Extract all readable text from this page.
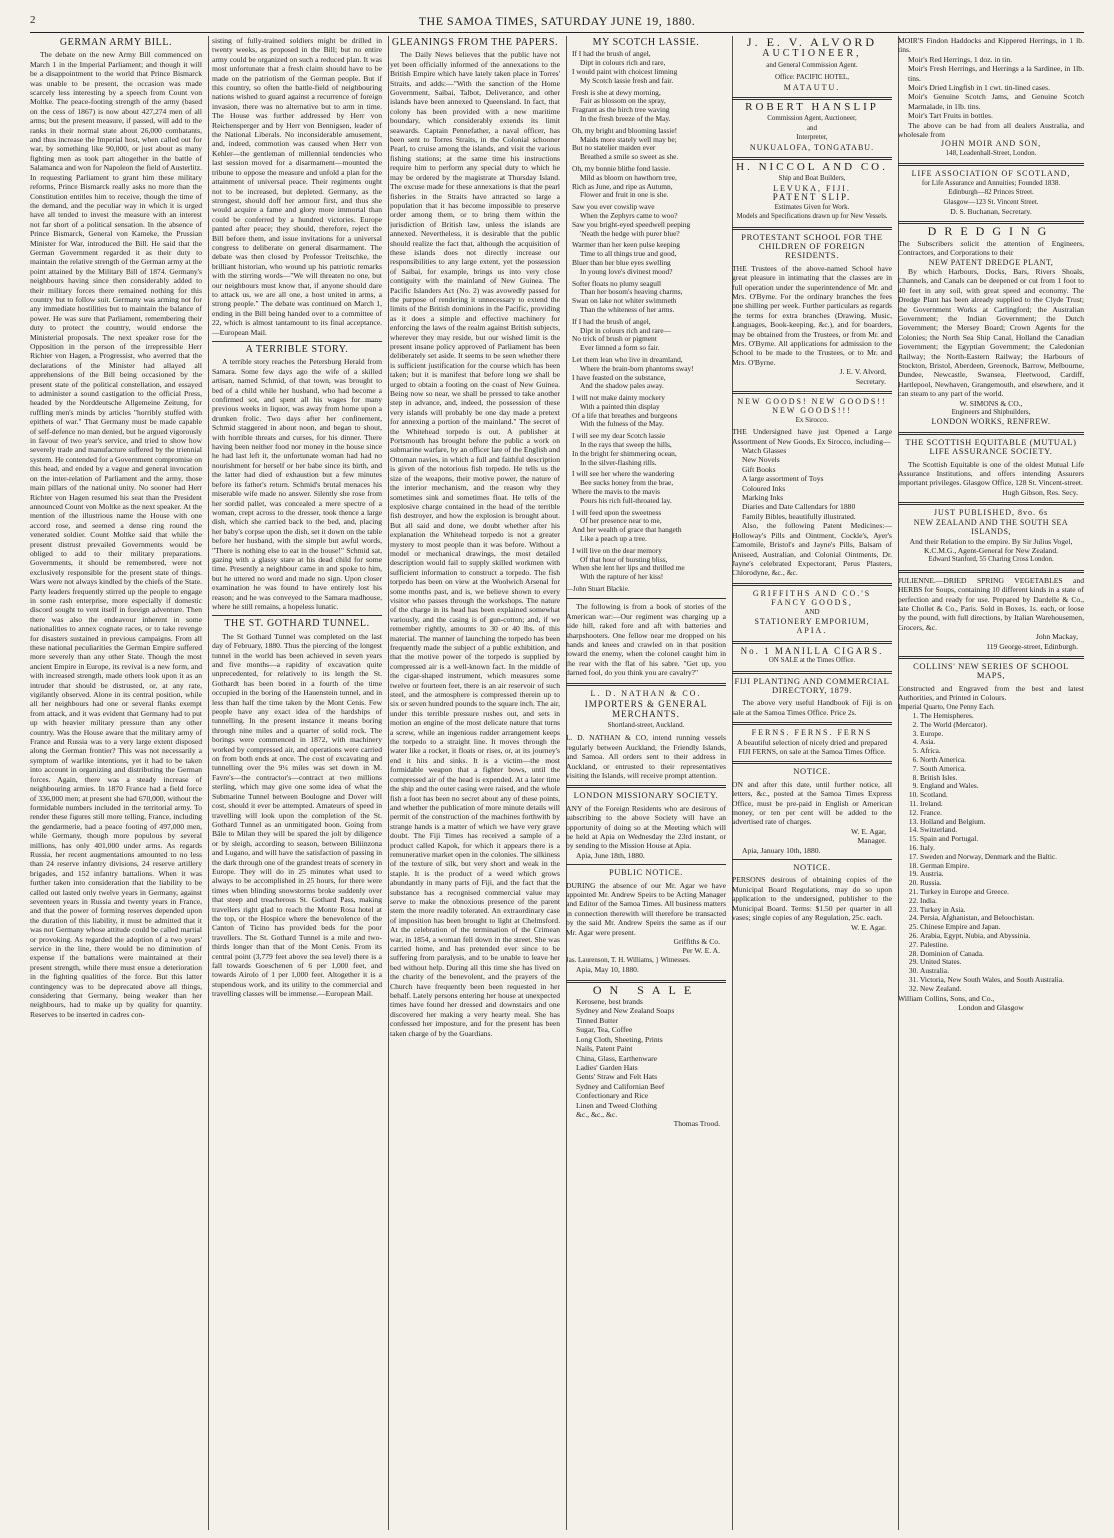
2	THE SAMOA TIMES, SATURDAY JUNE 19, 1880.
GERMAN ARMY BILL.

The debate on the new Army Bill commenced on March 1 in the Imperial Parliament; and though it will be a disappointment to the world that Prince Bismarck was unable to be present, the occasion was made scarcely less interesting by a speech from Count von Moltke. The peace-footing strength of the army (based on the cess of 1867) is now about 427,274 men of all arms; but the present measure, if passed, will add to the ranks in their normal state about 26,000 combatants, and thus increase the Imperial host, when called out for war, by something like 90,000, or just about as many fighting men as took part altogether in the battle of Salamanca and won for Napoleon the field of Austerlitz. In requesting Parliament to grant him these military reforms, Prince Bismarck really asks no more than the Constitution entitles him to receive, though the time of the demand, and the peculiar way in which it is urged have all tended to invest the measure with an interest not far short of a political sensation. In the absence of Prince Bismarck, General von Kameke, the Prussian Minister for War, introduced the Bill. He said that the German Government regarded it as their duty to maintain the relative strength of the German army at the point attained by the Military Bill of 1874. Germany's neighbours having since then considerably added to their military forces there remained nothing for this country but to follow suit. Germany was arming not for any immediate hostilities but to maintain the balance of power. He was sure that Parliament, remembering their duty to protect the country, would endorse the Ministerial proposals. The next speaker rose for the Opposition in the person of the irrepressible Herr Richter von Hagen, a Progressist, who averred that the declarations of the Minister had allayed all apprehensions of the Bill being occasioned by the present state of the political constellation, and essayed to administer a sound castigation to the official Press, headed by the Norddeutsche Allgemeine Zeitung, for ruffling men's minds by articles "horribly stuffed with epithets of war." That Germany must be made capable of self-defence no man denied, but he argued vigorously in favour of two year's service, and tried to show how severely trade and manufacture suffered by the triennial system. He contended for a Government compromise on this head, and ended by a vague and general invocation on the inter-relation of Parliament and the army, those main pillars of the national unity. No sooner had Herr Richter von Hagen resumed his seat than the President announced Count von Moltke as the next speaker. At the mention of the illustrious name the House with one accord rose, and seemed a dense ring round the venerated soldier. Count Moltke said that while the present distrust prevailed Governments would be obliged to add to their military preparations. Governments, it should be remembered, were not exclusively responsible for the present state of things. Wars were not always kindled by the chiefs of the State. Party leaders frequently stirred up the people to engage in some rash enterprise, more especially if domestic discord sought to vent itself in foreign adventure. Then there was also the endeavour inherent in some nationalities to annex cognate races, or to take revenge for disasters sustained in previous campaigns. From all these national peculiarities the German Empire suffered more severely than any other State. Though the most ancient Empire in Europe, its revival is a new form, and with increased strength, made others look upon it as an intruder that should be distrusted, or, at any rate, vigilantly observed. Alone in its central position, while all her neighbours had one or several flanks exempt from attack, and it was evident that Germany had to put up with heavier military pressure than any other country. Was the House aware that the military army of France and Russia was to a very large extent disposed along the German frontier? This was not necessarily a symptom of warlike intentions, yet it had to be taken into account in organizing and distributing the German forces. Again, there was a steady increase of neighbouring armies. In 1870 France had a field force of 336,000 men; at present she had 670,000, without the formidable numbers included in the territorial army. To render these figures still more telling, France, including the gendarmerie, had a peace footing of 497,000 men, while Germany, though more populous by several millions, has only 401,000 under arms. As regards Russia, her recent augmentations amounted to no less than 24 reserve infantry divisions, 24 reserve artillery brigades, and 152 infantry battalions. When it was further taken into consideration that the liability to be called out lasted only twelve years in Germany, against seventeen years in Russia and twenty years in France, and that the power of forming reserves depended upon the duration of this liability, it must be admitted that it was not Germany whose attitude could be called martial or provoking. As regarded the adoption of a two years' service in the line, there would be no diminution of expense if the battalions were maintained at their present strength, while there must ensue a deterioration in the fighting qualities of the force. But this latter contingency was to be deprecated above all things, considering that Germany, being weaker than her neighbours, had to make up by quality for quantity. Reserves to be inserted in cadres con-

sisting of fully-trained soldiers might be drilled in twenty weeks, as proposed in the Bill; but no entire army could be organized on such a reduced plan. It was most unfortunate that a fresh claim should have to be made on the patriotism of the German people. But if this country, so often the battle-field of neighbouring nations wished to guard against a recurrence of foreign invasion, there was no alternative but to arm in time. The House was further addressed by Herr von Reichensperger and by Herr von Bennigsen, leader of the National Liberals. No inconsiderable amusement, and, indeed, commotion was caused when Herr von Kehler—the gentleman of millennial tendencies who last session moved for a disarmament—mounted the tribune to oppose the measure and unfold a plan for the attainment of universal peace. Their regiments ought not to be increased, but depleted. Germany, as the strongest, should doff her armour first, and thus she would acquire a fame and glory more immortal than could be conferred by a hundred victories. Europe panted after peace; they should, therefore, reject the Bill before them, and issue invitations for a universal congress to deliberate on general disarmament. The debate was then closed by Professor Treitschke, the brilliant historian, who wound up his patriotic remarks with the stirring words—"We will threaten no one, but our neighbours must know that, if anyone should dare to attack us, we are all one, a host united in arms, a strong people." The debate was continued on March 1, ending in the Bill being handed over to a committee of 22, which is almost tantamount to its final acceptance.—European Mail.

A TERRIBLE STORY.

A terrible story reaches the Petersburg Herald from Samara. Some few days ago the wife of a skilled artisan, named Schmid, of that town, was brought to bed of a child while her husband, who had become a confirmed sot, and spent all his wages for many previous weeks in liquor, was away from home upon a drunken frolic. Two days after her confinement, Schmid staggered in about noon, and began to shout, with horrible threats and curses, for his dinner. There having been neither food nor money in the house since he had last left it, the unfortunate woman had had no nourishment for herself or her babe since its birth, and the latter had died of exhaustion but a few minutes before its father's return. Schmid's brutal menaces his miserable wife made no answer. Silently she rose from her sordid pallet, was concealed a mere spectre of a woman, crept across to the dresser, took thence a large dish, which she carried back to the bed, and, placing her baby's corpse upon the dish, set it down on the table before her husband, with the simple but awful words, "There is nothing else to eat in the house!" Schmid sat, gazing with a glassy stare at his dead child for some time. Presently a neighbour came in and spoke to him, but he uttered no word and made no sign. Upon closer examination he was found to have entirely lost his reason; and he was conveyed to the Samara madhouse, where he still remains, a hopeless lunatic.

THE ST. GOTHARD TUNNEL.

The St Gothard Tunnel was completed on the last day of February, 1880. Thus the piercing of the longest tunnel in the world has been achieved in seven years and five months—a rapidity of excavation quite unprecedented, for relatively to its length the St. Gothardt has been bored in a fourth of the time occupied in the boring of the Hauenstein tunnel, and in less than half the time taken by the Mont Cenis. Few people have any exact idea of the hardships of tunnelling. In the present instance it means boring through nine miles and a quarter of solid rock. The borings were commenced in 1872, with machinery worked by compressed air, and operations were carried on from both ends at once. The cost of excavating and tunnelling over the 9¼ miles was set down in M. Favre's—the contractor's—contract at two millions sterling, which may give one some idea of what the Submarine Tunnel between Boulogne and Dover will cost, should it ever be attempted. Amateurs of speed in travelling will look upon the completion of the St. Gothard Tunnel as an unmitigated boon. Going from Bâle to Milan they will be spared the jolt by diligence or by sleigh, according to season, between Biliinzona and Lugano, and will have the satisfaction of passing in the dark through one of the grandest treats of scenery in Europe. They will do in 25 minutes what used to always to be accomplished in 25 hours, for there were times when blinding snowstorms broke suddenly over that steep and treacherous St. Gothard Pass, making travellers right glad to reach the Monte Rosa hotel at the top, or the Hospice where the benevolence of the Canton of Ticino has provided beds for the poor travellers. The St. Gothard Tunnel is a mile and two-thirds longer than that of the Mont Cenis. From its central point (3,779 feet above the sea level) there is a fall towards Goeschenen of 6 per 1,000 feet, and towards Airolo of 1 per 1,000 feet. Altogether it is a stupendous work, and its utility to the commercial and travelling classes will be immense.—European Mail.

GLEANINGS FROM THE PAPERS.

The Daily News believes that the public have not yet been officially informed of the annexations to the British Empire which have lately taken place in Torres' Straits, and adds:—"With the sanction of the Home Government, Saibai, Talbot, Deliverance, and other islands have been annexed to Queensland. In fact, that colony has been provided with a new maritime boundary, which considerably extends its limit seawards. Captain Pennefather, a naval officer, has been sent to Torres Straits, in the Colonial schooner Pearl, to cruise among the islands, and visit the various fishing stations; at the same time his instructions require him to perform any special duty to which he may be ordered by the magistrate at Thursday Island. The excuse made for these annexations is that the pearl fisheries in the Straits have attracted so large a population that it has become impossible to preserve order among them, or to bring them within the jurisdiction of British law, unless the islands are annexed. Nevertheless, it is desirable that the public should realize the fact that, although the acquisition of these islands does not directly increase our responsibilities to any large extent, yet the possession of Saibai, for example, brings us into very close contiguity with the mainland of New Guinea. The Pacific Islanders Act (No. 2) was avowedly passed for the purpose of rendering it unnecessary to extend the limits of the British dominions in the Pacific, providing as it does a simple and effective machinery for enforcing the laws of the realm against British subjects, wherever they may reside, but our wished limit is the present insane policy approved of Parliament has been deliberately set aside. It seems to be seen whether there is sufficient justification for the course which has been taken; but it is manifest that before long we shall be urged to obtain a footing on the coast of New Guinea. Being now so near, we shall be pressed to take another step in advance, and, indeed, the possession of these very islands will probably be one day made a pretext for annexing a portion of the mainland." The secret of the Whitehead torpedo is out. A publisher at Portsmouth has brought before the public a work on submarine warfare, by an officer late of the English and Ottoman navies, in which a full and faithful description is given of the notorious fish torpedo. He tells us the size of the weapons, their motive power, the nature of the interior mechanism, and the reason why they sometimes sink and sometimes float. He tells of the explosive charge contained in the head of the terrible fish destroyer, and how the explosion is brought about. But all said and done, we doubt whether after his explanation the Whitehead torpedo is not a greater mystery to most people than it was before. Without a model or mechanical drawings, the most detailed description would fail to supply skilled workmen with sufficient information to construct a torpedo. The fish torpedo has been on view at the Woolwich Arsenal for some months past, and is, we believe shown to every visitor who passes through the workshops. The nature of the charge in its head has been explained somewhat variously, and the casing is of gun-cotton; and, if we remember rightly, amounts to 30 or 40 lbs. of this material. The manner of launching the torpedo has been frequently made the subject of a public exhibition, and that the motive power of the torpedo is supplied by compressed air is a well-known fact. In the middle of the cigar-shaped instrument, which measures some twelve or fourteen feet, there is an air reservoir of such steel, and the atmosphere is compressed therein up to six or seven hundred pounds to the square inch. The air, under this terrible pressure rushes out, and sets in motion an engine of the most delicate nature that turns a screw, while an ingenious rudder arrangement keeps the torpedo to a straight line. It moves through the water like a rocket, it floats or rises, or, at its journey's end it hits and sinks. It is a victim—the most formidable weapon that a fighter bows, until the compressed air of the head is expended. At a later time the ship and the outer casing were raised, and the whole fish a foot has been no secret about any of these points, and whether the publication of more minute details will permit of the construction of the machines forthwith by strange hands is a matter of which we have very grave doubt. The Fiji Times has received a sample of a product called Kapok, for which it appears there is a remunerative market open in the colonies. The silkiness of the texture of silk, but very short and weak in the staple. It is the product of a weed which grows abundantly in many parts of Fiji, and the fact that the substance has a recognised commercial value may serve to make the obnoxious presence of the parent stem the more readily tolerated. An extraordinary case of imposition has been brought to light at Chelmsford. At the celebration of the termination of the Crimean war, in 1854, a woman fell down in the street. She was carried home, and has pretended ever since to be suffering from paralysis, and to be unable to leave her bed without help. During all this time she has lived on the charity of the benevolent, and the prayers of the Church have frequently been been requested in her behalf. Lately persons entering her house at unexpected times have found her dressed and downstairs and one discovered her making a very hearty meal. She has confessed her imposture, and for the present has been taken charge of by the Guardians.

MY SCOTCH LASSIE.
If I had the brush of angel,
Dipt in colours rich and rare,
I would paint with choicest limning
My Scotch lassie fresh and fair.
Fresh is she at dewy morning,
Fair as blossom on the spray,
Fragrant as the birch tree waving
In the fresh breeze of the May.
Oh, my bright and blooming lassie!
Maids more stately well may be;
But no statelier maiden ever
Breathed a smile so sweet as she.
Oh, my bonnie blithe fond lassie.
Mild as bloom on hawthorn tree,
Rich as June, and ripe as Autumn,
Flower and fruit in one is she.
Saw you ever cowslip wave
When the Zephyrs came to woo?
Saw you bright-eyed speedwell peeping
'Neath the hedge with purer blue?
Warmer than her keen pulse keeping
Time to all things true and good,
Bluer than her blue eyes swelling
In young love's divinest mood?
Softer floats no plumy seagull
Than her bosom's heaving charms,
Swan on lake not whiter swimmeth
Than the whiteness of her arms.
If I had the brush of angel,
Dipt in colours rich and rare—
No trick of brush or pigment
Ever limned a form so fair.
Let them lean who live in dreamland,
Where the brain-born phantoms sway!
I have feasted on the substance,
And the shadow pales away.
I will not make dainty mockery
With a painted thin display
Of a life that breathes and burgeons
With the fulness of the May.
I will see my dear Scotch lassie
In the rays that sweep the hills,
In the bright fer shimmering ocean,
In the silver-flashing rills.
I will see her where the wandering
Bee sucks honey from the brae,
Where the mavis to the mavis
Pours his rich full-throated lay.
I will feed upon the sweetness
Of her presence near to me,
And her wealth of grace that hangeth
Like a peach up a tree.
I will live on the dear memory
Of that hour of bursting bliss,
When she lent her lips and thrilled me
With the rapture of her kiss!

—John Stuart Blackie.

The following is from a book of stories of the American war:—Our regiment was charging up a side hill, raked fore and aft with batteries and sharpshooters. One fellow near me dropped on his hands and knees and crawled on in that position toward the enemy, when the colonel caught him in the rear with the flat of his sabre. "Get up, you darned fool, do you think you are cavalry?"

L. D. NATHAN & CO.
IMPORTERS & GENERAL MERCHANTS.

Shortland-street, Auckland.

L. D. NATHAN & CO, intend running vessels regularly between Auckland, the Friendly Islands, and Samoa. All orders sent to their address in Auckland, or entrusted to their representatives visiting the Islands, will receive prompt attention.

LONDON MISSIONARY SOCIETY.

ANY of the Foreign Residents who are desirous of subscribing to the above Society will have an opportunity of doing so at the Meeting which will be held at Apia on Wednesday the 23rd instant, or by sending to the Mission House at Apia.

Apia, June 18th, 1880.

PUBLIC NOTICE.

DURING the absence of our Mr. Agar we have appointed Mr. Andrew Speirs to be Acting Manager and Editor of the Samoa Times. All business matters in connection therewith will therefore be transacted by the said Mr. Andrew Speirs the same as if our Mr. Agar were present.

Griffiths & Co.

Per W. E. A.

Jas. Laurenson, T. H. Williams, } Witnesses.

Apia, May 10, 1880.

ON SALE

Kerosene, best brands

Sydney and New Zealand Soaps

Tinned Butter

Sugar, Tea, Coffee

Long Cloth, Sheeting, Prints

Nails, Patent Paint

China, Glass, Earthenware

Ladies' Garden Hats

Gents' Straw and Felt Hats

Sydney and Californian Beef

Confectionary and Rice

Linen and Tweed Clothing

&c., &c., &c.

Thomas Trood.

J. E. V. ALVORD
AUCTIONEER,

and General Commission Agent.

Office: PACIFIC HOTEL,

MATAUTU.
ROBERT HANSLIP

Commission Agent, Auctioneer,

and

Interpreter,

NUKUALOFA, TONGATABU.
H. NICCOL AND CO.

Ship and Boat Builders,

LEVUKA, FIJI.
PATENT SLIP.

Estimates Given for Work.

Models and Specifications drawn up for New Vessels.

PROTESTANT SCHOOL FOR THE CHILDREN OF FOREIGN RESIDENTS.

THE Trustees of the above-named School have great pleasure in intimating that the classes are in full operation under the superintendence of Mr. and Mrs. O'Byrne. For the ordinary branches the fees one shilling per week. Further particulars as regards the terms for extra branches (Drawing, Music, Languages, Book-keeping, &c.), and for boarders, may be obtained from the Trustees, or from Mr. and Mrs. O'Byrne. All applications for admission to the School to be made to the Trustees, or to Mr. and Mrs. O'Byrne.

J. E. V. Alvord,

Secretary.

NEW GOODS! NEW GOODS!!
NEW GOODS!!!

Ex Sirocco.

THE Undersigned have just Opened a Large Assortment of New Goods, Ex Sirocco, including—

Watch Glasses

New Novels

Gift Books

A large assortment of Toys

Coloured Inks

Marking Inks

Diaries and Date Callendars for 1880

Family Bibles, beautifully illustrated.

Also, the following Patent Medicines:—Holloway's Pills and Ointment, Cockle's, Ayer's Camomile, Bristol's and Jayne's Pills, Balsam of Aniseed, Australian, and Colonial Ointments, Dr. Jayne's celebrated Expectorant, Perus Plasters, Chlorodyne, &c., &c.

GRIFFITHS AND CO.'S
FANCY GOODS,

AND

STATIONERY EMPORIUM,
APIA.
No. 1 MANILLA CIGARS.

ON SALE at the Times Office.

FIJI PLANTING AND COMMERCIAL DIRECTORY, 1879.

The above very useful Handbook of Fiji is on sale at the Samoa Times Office. Price 2s.

FERNS. FERNS. FERNS

A beautiful selection of nicely dried and prepared FIJI FERNS, on sale at the Samoa Times Office.

NOTICE.

ON and after this date, until further notice, all letters, &c., posted at the Samoa Times Express Office, must be pre-paid in English or American money, or ten per cent will be added to the advertised rate of charges.

W. E. Agar,

Manager.

Apia, January 10th, 1880.

NOTICE.

PERSONS desirous of obtaining copies of the Municipal Board Regulations, may do so upon application to the undersigned, publisher to the Municipal Board. Terms: $1.50 per quarter in all vases; single copies of any Regulation, 25c. each.

W. E. Agar.

MOIR'S Findon Haddocks and Kippered Herrings, in 1 lb. tins.

Moir's Red Herrings, 1 doz. in tin.

Moir's Fresh Herrings, and Herrings a la Sardinee, in 1lb. tins.

Moir's Dried Lingfish in 1 cwt. tin-lined cases.

Moir's Genuine Scotch Jams, and Genuine Scotch Marmalade, in 1lb. tins.

Moir's Tart Fruits in bottles.

The above can be had from all dealers Australia, and wholesale from

JOHN MOIR AND SON,

148, Leadenhall-Street, London.

LIFE ASSOCIATION OF SCOTLAND,

for Life Assurance and Annuities; Founded 1838.

Edinburgh—82 Princes Street.

Glasgow—123 St. Vincent Street.

D. S. Buchanan, Secretary.

DREDGING

The Subscribers solicit the attention of Engineers, Contractors, and Corporations to their

NEW PATENT DREDGE PLANT,

By which Harbours, Docks, Bars, Rivers Shoals, Channels, and Canals can be deepened or cut from 1 foot to 40 feet in any soil, with great speed and economy. The Dredge Plant has been already supplied to the Clyde Trust; the Government Works at Carlingford; the Australian Government; the Indian Government; the Dutch Government; the Mersey Board; Crown Agents for the Colonies; the North Sea Ship Canal, Holland the Canadian Government; the Egyptian Government; the Caledonian Railway; the North-Eastern Railway; the Harbours of Stockton, Bristol, Aberdeen, Greenock, Barrow, Melbourne, Dundee, Newcastle, Swansea, Fleetwood, Cardiff, Hartlepool, Newhaven, Grangemouth, and elsewhere, and it can steam to any part of the world.

W. SIMONS & CO.,

Engineers and Shipbuilders,

LONDON WORKS, RENFREW.
THE SCOTTISH EQUITABLE (MUTUAL) LIFE ASSURANCE SOCIETY.

The Scottish Equitable is one of the oldest Mutual Life Assurance Institutions, and offers intending Assurers important privileges. Glasgow Office, 128 St. Vincent-street.

Hugh Gibson, Res. Secy.

JUST PUBLISHED, 8vo. 6s
NEW ZEALAND AND THE SOUTH SEA ISLANDS,

And their Relation to the empire. By Sir Julius Vogel, K.C.M.G., Agent-General for New Zealand.

Edward Stanford, 55 Charing Cross London.

JULIENNE.—DRIED SPRING VEGETABLES and HERBS for Soups, containing 10 different kinds in a state of perfection and ready for use. Prepared by Dardelle & Co., late Chollet & Co., Paris. Sold in Boxes, 1s. each, or loose by the pound, with full directions, by Italian Warehousemen, Grocers, &c.

John Mackay,

119 George-street, Edinburgh.

COLLINS' NEW SERIES OF SCHOOL MAPS,

Constructed and Engraved from the best and latest Authorities, and Printed in Colours.

Imperial Quarto, One Penny Each.

1. The Hemispheres.
2. The World (Mercator).
3. Europe.
4. Asia.
5. Africa.
6. North America.
7. South America.
8. British Isles.
9. England and Wales.
10. Scotland.
11. Ireland.
12. France.
13. Holland and Belgium.
14. Switzerland.
15. Spain and Portugal.
16. Italy.
17. Sweden and Norway, Denmark and the Baltic.
18. German Empire.
19. Austria.
20. Russia.
21. Turkey in Europe and Greece.
22. India.
23. Turkey in Asia.
24. Persia, Afghanistan, and Beloochistan.
25. Chinese Empire and Japan.
26. Arabia, Egypt, Nubia, and Abyssinia.
27. Palestine.
28. Dominion of Canada.
29. United States.
30. Australia.
31. Victoria, New South Wales, and South Australia.
32. New Zealand.

William Collins, Sons, and Co.,

London and Glasgow
